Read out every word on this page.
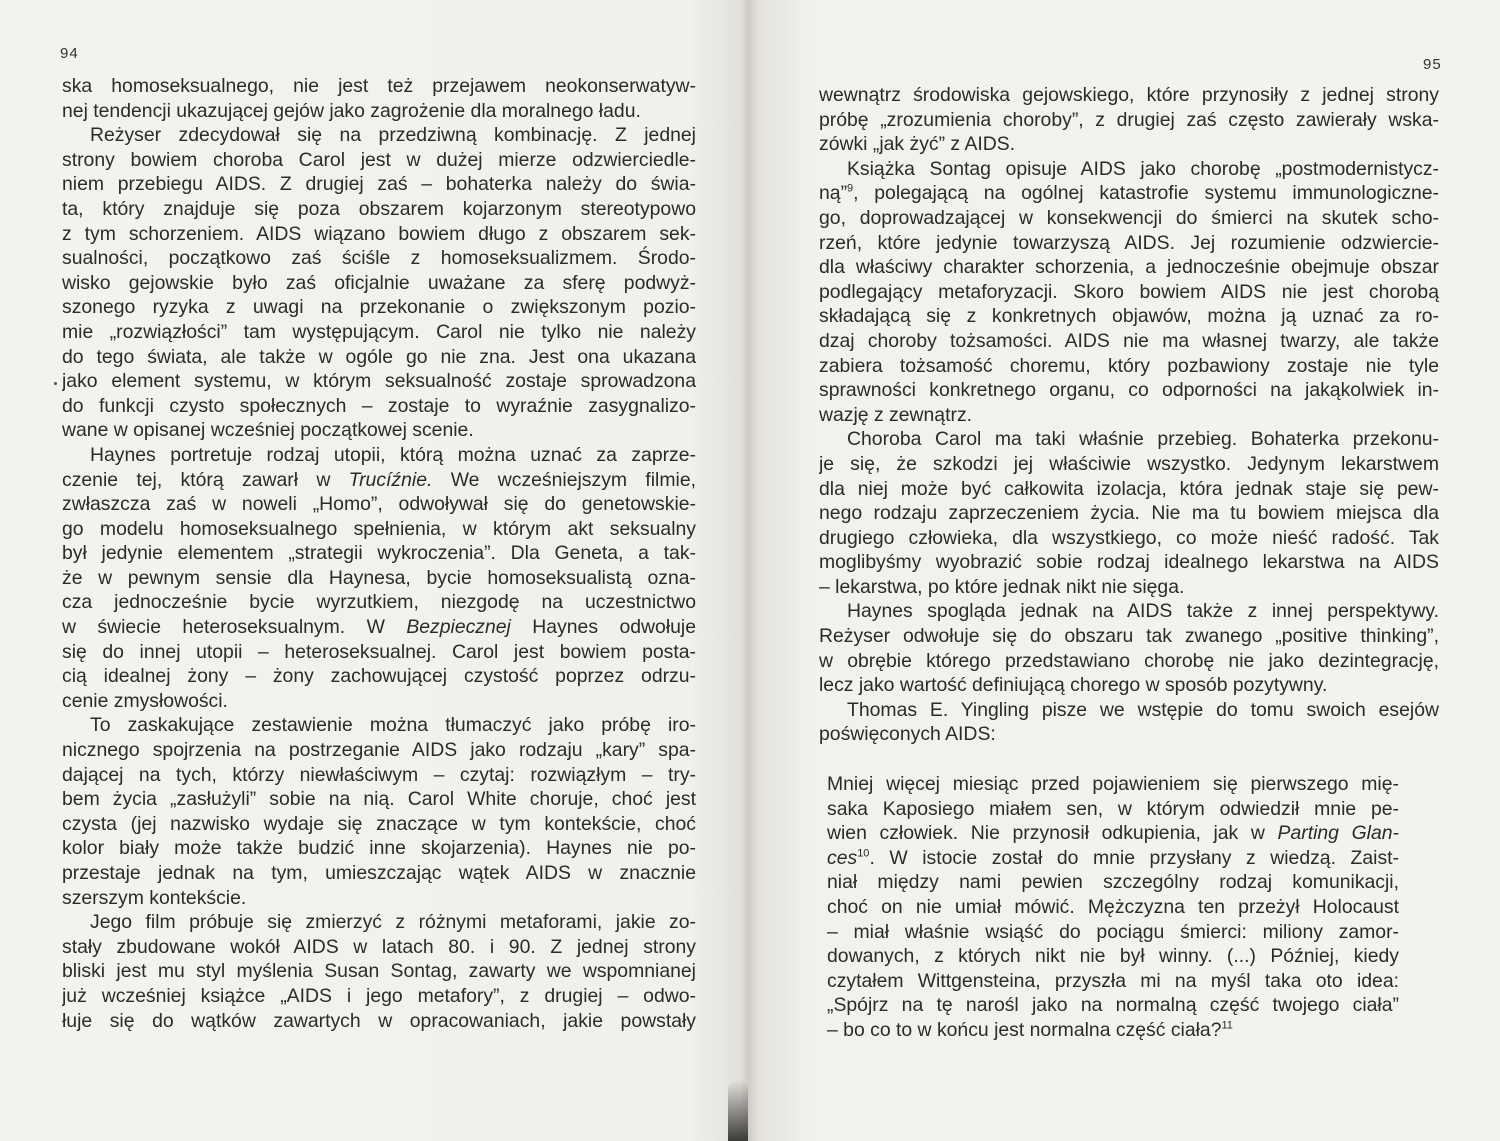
94
ska homoseksualnego, nie jest też przejawem neokonserwatyw-
nej tendencji ukazującej gejów jako zagrożenie dla moralnego ładu.
Reżyser zdecydował się na przedziwną kombinację. Z jednej
strony bowiem choroba Carol jest w dużej mierze odzwierciedle-
niem przebiegu AIDS. Z drugiej zaś – bohaterka należy do świa-
ta, który znajduje się poza obszarem kojarzonym stereotypowo
z tym schorzeniem. AIDS wiązano bowiem długo z obszarem sek-
sualności, początkowo zaś ściśle z homoseksualizmem. Środo-
wisko gejowskie było zaś oficjalnie uważane za sferę podwyż-
szonego ryzyka z uwagi na przekonanie o zwiększonym pozio-
mie „rozwiązłości” tam występującym. Carol nie tylko nie należy
do tego świata, ale także w ogóle go nie zna. Jest ona ukazana
jako element systemu, w którym seksualność zostaje sprowadzona
do funkcji czysto społecznych – zostaje to wyraźnie zasygnalizo-
wane w opisanej wcześniej początkowej scenie.
Haynes portretuje rodzaj utopii, którą można uznać za zaprze-
czenie tej, którą zawarł w Trucíźnie. We wcześniejszym filmie,
zwłaszcza zaś w noweli „Homo”, odwoływał się do genetowskie-
go modelu homoseksualnego spełnienia, w którym akt seksualny
był jedynie elementem „strategii wykroczenia”. Dla Geneta, a tak-
że w pewnym sensie dla Haynesa, bycie homoseksualistą ozna-
cza jednocześnie bycie wyrzutkiem, niezgodę na uczestnictwo
w świecie heteroseksualnym. W Bezpiecznej Haynes odwołuje
się do innej utopii – heteroseksualnej. Carol jest bowiem posta-
cią idealnej żony – żony zachowującej czystość poprzez odrzu-
cenie zmysłowości.
To zaskakujące zestawienie można tłumaczyć jako próbę iro-
nicznego spojrzenia na postrzeganie AIDS jako rodzaju „kary” spa-
dającej na tych, którzy niewłaściwym – czytaj: rozwiązłym – try-
bem życia „zasłużyli” sobie na nią. Carol White choruje, choć jest
czysta (jej nazwisko wydaje się znaczące w tym kontekście, choć
kolor biały może także budzić inne skojarzenia). Haynes nie po-
przestaje jednak na tym, umieszczając wątek AIDS w znacznie
szerszym kontekście.
Jego film próbuje się zmierzyć z różnymi metaforami, jakie zo-
stały zbudowane wokół AIDS w latach 80. i 90. Z jednej strony
bliski jest mu styl myślenia Susan Sontag, zawarty we wspomnianej
już wcześniej książce „AIDS i jego metafory”, z drugiej – odwo-
łuje się do wątków zawartych w opracowaniach, jakie powstały
95
wewnątrz środowiska gejowskiego, które przynosiły z jednej strony
próbę „zrozumienia choroby”, z drugiej zaś często zawierały wska-
zówki „jak żyć” z AIDS.
Książka Sontag opisuje AIDS jako chorobę „postmodernistycz-
ną”$^9$, polegającą na ogólnej katastrofie systemu immunologiczne-
go, doprowadzającej w konsekwencji do śmierci na skutek scho-
rzeń, które jedynie towarzyszą AIDS. Jej rozumienie odzwiercie-
dla właściwy charakter schorzenia, a jednocześnie obejmuje obszar
podlegający metaforyzacji. Skoro bowiem AIDS nie jest chorobą
składającą się z konkretnych objawów, można ją uznać za ro-
dzaj choroby tożsamości. AIDS nie ma własnej twarzy, ale także
zabiera tożsamość choremu, który pozbawiony zostaje nie tyle
sprawności konkretnego organu, co odporności na jakąkolwiek in-
wazję z zewnątrz.
Choroba Carol ma taki właśnie przebieg. Bohaterka przekonu-
je się, że szkodzi jej właściwie wszystko. Jedynym lekarstwem
dla niej może być całkowita izolacja, która jednak staje się pew-
nego rodzaju zaprzeczeniem życia. Nie ma tu bowiem miejsca dla
drugiego człowieka, dla wszystkiego, co może nieść radość. Tak
moglibyśmy wyobrazić sobie rodzaj idealnego lekarstwa na AIDS
– lekarstwa, po które jednak nikt nie sięga.
Haynes spogląda jednak na AIDS także z innej perspektywy.
Reżyser odwołuje się do obszaru tak zwanego „positive thinking”,
w obrębie którego przedstawiano chorobę nie jako dezintegrację,
lecz jako wartość definiującą chorego w sposób pozytywny.
Thomas E. Yingling pisze we wstępie do tomu swoich esejów
poświęconych AIDS:
Mniej więcej miesiąc przed pojawieniem się pierwszego mię-
saka Kaposiego miałem sen, w którym odwiedził mnie pe-
wien człowiek. Nie przynosił odkupienia, jak w Parting Glan-
ces$^{10}$. W istocie został do mnie przysłany z wiedzą. Zaist-
niał między nami pewien szczególny rodzaj komunikacji,
choć on nie umiał mówić. Mężczyzna ten przeżył Holocaust
– miał właśnie wsiąść do pociągu śmierci: miliony zamor-
dowanych, z których nikt nie był winny. (...) Później, kiedy
czytałem Wittgensteina, przyszła mi na myśl taka oto idea:
„Spójrz na tę narośl jako na normalną część twojego ciała”
– bo co to w końcu jest normalna część ciała?$^{11}$
